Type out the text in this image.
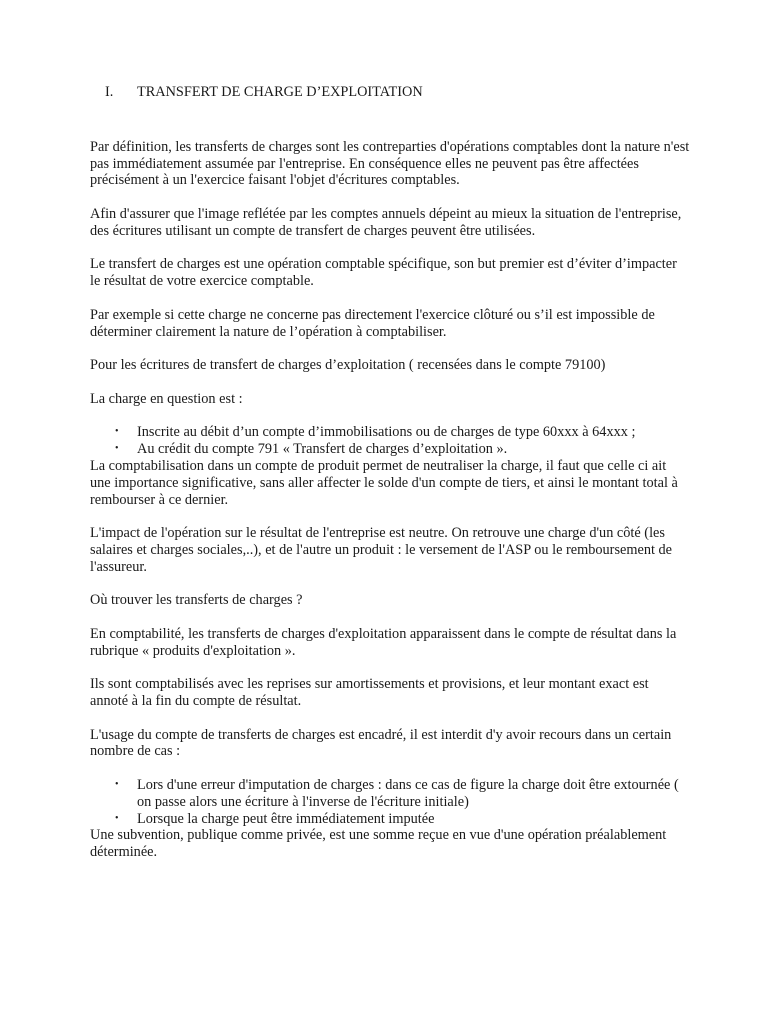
I.	TRANSFERT DE CHARGE D’EXPLOITATION

Par définition, les transferts de charges sont les contreparties d'opérations comptables dont la nature n'est pas immédiatement assumée par l'entreprise. En conséquence elles ne peuvent pas être affectées précisément à un l'exercice faisant l'objet d'écritures comptables.

Afin d'assurer que l'image reflétée par les comptes annuels dépeint au mieux la situation de l'entreprise, des écritures utilisant un compte de transfert de charges peuvent être utilisées.

Le transfert de charges est une opération comptable spécifique, son but premier est d’éviter d’impacter le résultat de votre exercice comptable.

Par exemple si cette charge ne concerne pas directement l'exercice clôturé ou s’il est impossible de déterminer clairement la nature de l’opération à comptabiliser.

Pour les écritures de transfert de charges d’exploitation ( recensées dans le compte 79100)

La charge en question est :

• Inscrite au débit d’un compte d’immobilisations ou de charges de type 60xxx à 64xxx ;
• Au crédit du compte 791 « Transfert de charges d’exploitation ».

La comptabilisation dans un compte de produit permet de neutraliser la charge, il faut que celle ci ait une importance significative, sans aller affecter le solde d'un compte de tiers, et ainsi le montant total à rembourser à ce dernier.

L'impact de l'opération sur le résultat de l'entreprise est neutre. On retrouve une charge d'un côté (les salaires et charges sociales,..), et de l'autre un produit : le versement de l'ASP ou le remboursement de l'assureur.

Où trouver les transferts de charges ?

En comptabilité, les transferts de charges d'exploitation apparaissent dans le compte de résultat dans la rubrique « produits d'exploitation ».

Ils sont comptabilisés avec les reprises sur amortissements et provisions, et leur montant exact est annoté à la fin du compte de résultat.

L'usage du compte de transferts de charges est encadré, il est interdit d'y avoir recours dans un certain nombre de cas :

• Lors d'une erreur d'imputation de charges : dans ce cas de figure la charge doit être extournée ( on passe alors une écriture à l'inverse de l'écriture initiale)
• Lorsque la charge peut être immédiatement imputée

Une subvention, publique comme privée, est une somme reçue en vue d'une opération préalablement déterminée.
